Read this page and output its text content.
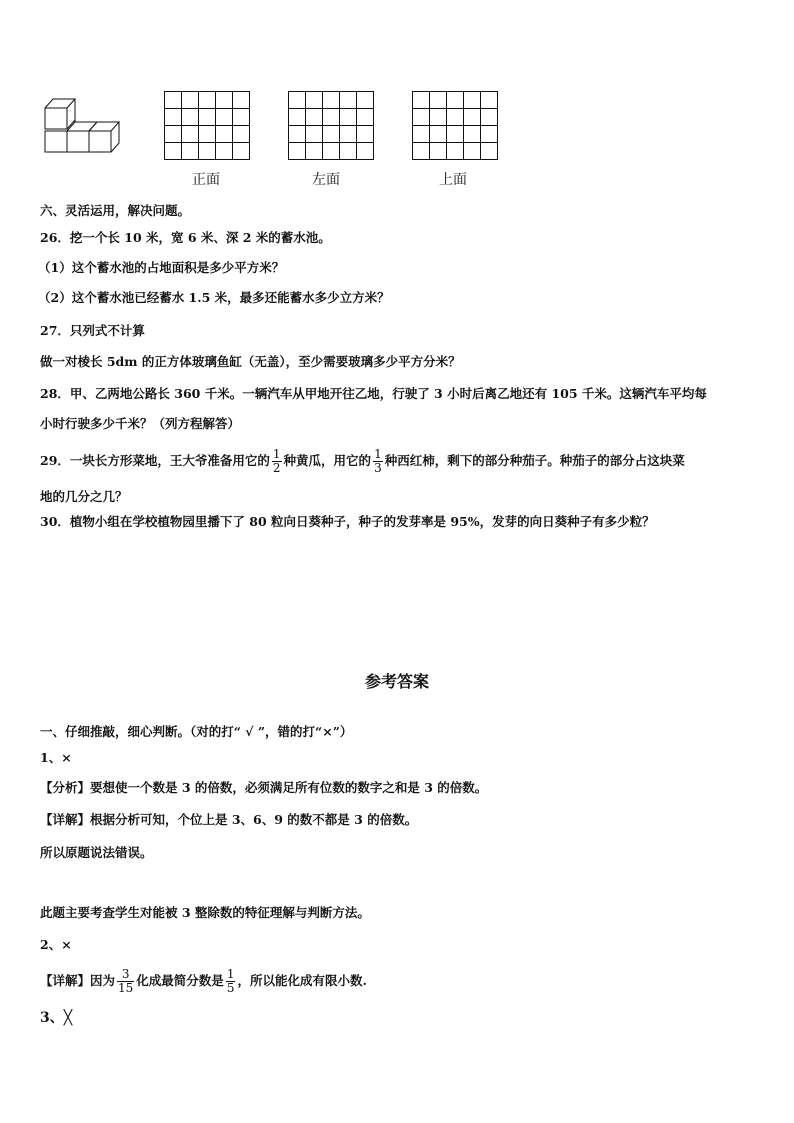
正面	左面	上面
六、灵活运用，解决问题。
26．挖一个长 10 米，宽 6 米、深 2 米的蓄水池。
（1）这个蓄水池的占地面积是多少平方米？
（2）这个蓄水池已经蓄水 1.5 米，最多还能蓄水多少立方米？
27．只列式不计算
做一对棱长 5dm 的正方体玻璃鱼缸（无盖），至少需要玻璃多少平方分米？
28．甲、乙两地公路长 360 千米。一辆汽车从甲地开往乙地，行驶了 3 小时后离乙地还有 105 千米。这辆汽车平均每
小时行驶多少千米？（列方程解答）
29．一块长方形菜地，王大爷准备用它的 $\frac{1}{2}$ 种黄瓜，用它的 $\frac{1}{3}$ 种西红柿，剩下的部分种茄子。种茄子的部分占这块菜
地的几分之几？
30．植物小组在学校植物园里播下了 80 粒向日葵种子，种子的发芽率是 95%，发芽的向日葵种子有多少粒？
参考答案
一、仔细推敲，细心判断。（对的打“ √ ”，错的打“×”）
1、×
【分析】要想使一个数是 3 的倍数，必须满足所有位数的数字之和是 3 的倍数。
【详解】根据分析可知，个位上是 3、6、9 的数不都是 3 的倍数。
所以原题说法错误。
此题主要考查学生对能被 3 整除数的特征理解与判断方法。
2、×
【详解】因为 $\frac{3}{15}$ 化成最简分数是 $\frac{1}{5}$ ，所以能化成有限小数.
3、╳
